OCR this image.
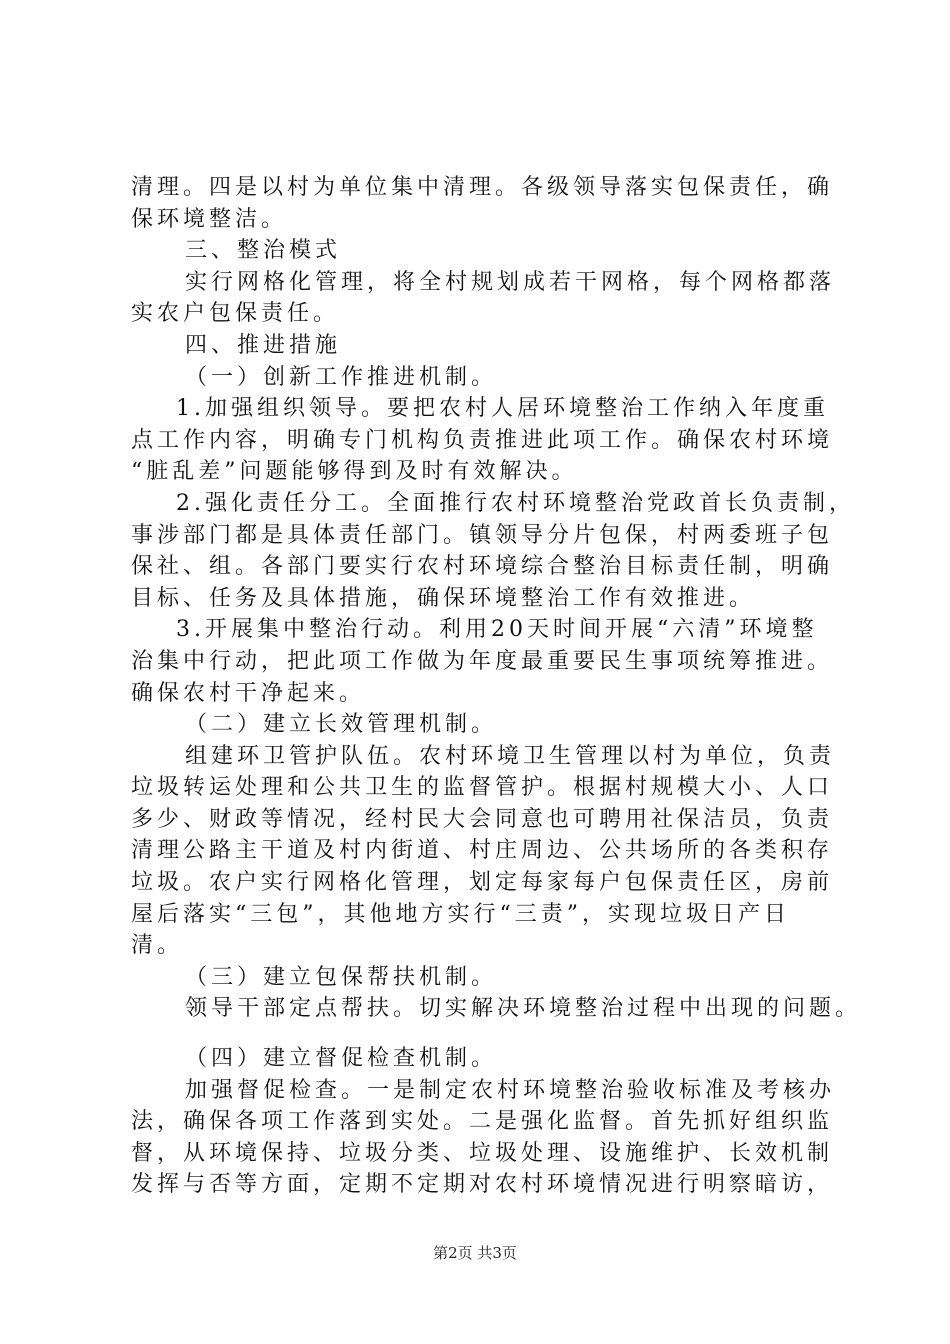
清理。四是以村为单位集中清理。各级领导落实包保责任，确

保环境整洁。

三、整治模式

实行网格化管理，将全村规划成若干网格，每个网格都落

实农户包保责任。

四、推进措施

（一）创新工作推进机制。

1.加强组织领导。要把农村人居环境整治工作纳入年度重

点工作内容，明确专门机构负责推进此项工作。确保农村环境

“脏乱差”问题能够得到及时有效解决。

2.强化责任分工。全面推行农村环境整治党政首长负责制，

事涉部门都是具体责任部门。镇领导分片包保，村两委班子包

保社、组。各部门要实行农村环境综合整治目标责任制，明确

目标、任务及具体措施，确保环境整治工作有效推进。

3.开展集中整治行动。利用20天时间开展“六清”环境整

治集中行动，把此项工作做为年度最重要民生事项统筹推进。

确保农村干净起来。

（二）建立长效管理机制。

组建环卫管护队伍。农村环境卫生管理以村为单位，负责

垃圾转运处理和公共卫生的监督管护。根据村规模大小、人口

多少、财政等情况，经村民大会同意也可聘用社保洁员，负责

清理公路主干道及村内街道、村庄周边、公共场所的各类积存

垃圾。农户实行网格化管理，划定每家每户包保责任区，房前

屋后落实“三包”，其他地方实行“三责”，实现垃圾日产日

清。

（三）建立包保帮扶机制。

领导干部定点帮扶。切实解决环境整治过程中出现的问题。

（四）建立督促检查机制。

加强督促检查。一是制定农村环境整治验收标准及考核办

法，确保各项工作落到实处。二是强化监督。首先抓好组织监

督，从环境保持、垃圾分类、垃圾处理、设施维护、长效机制

发挥与否等方面，定期不定期对农村环境情况进行明察暗访，

第2页 共3页
